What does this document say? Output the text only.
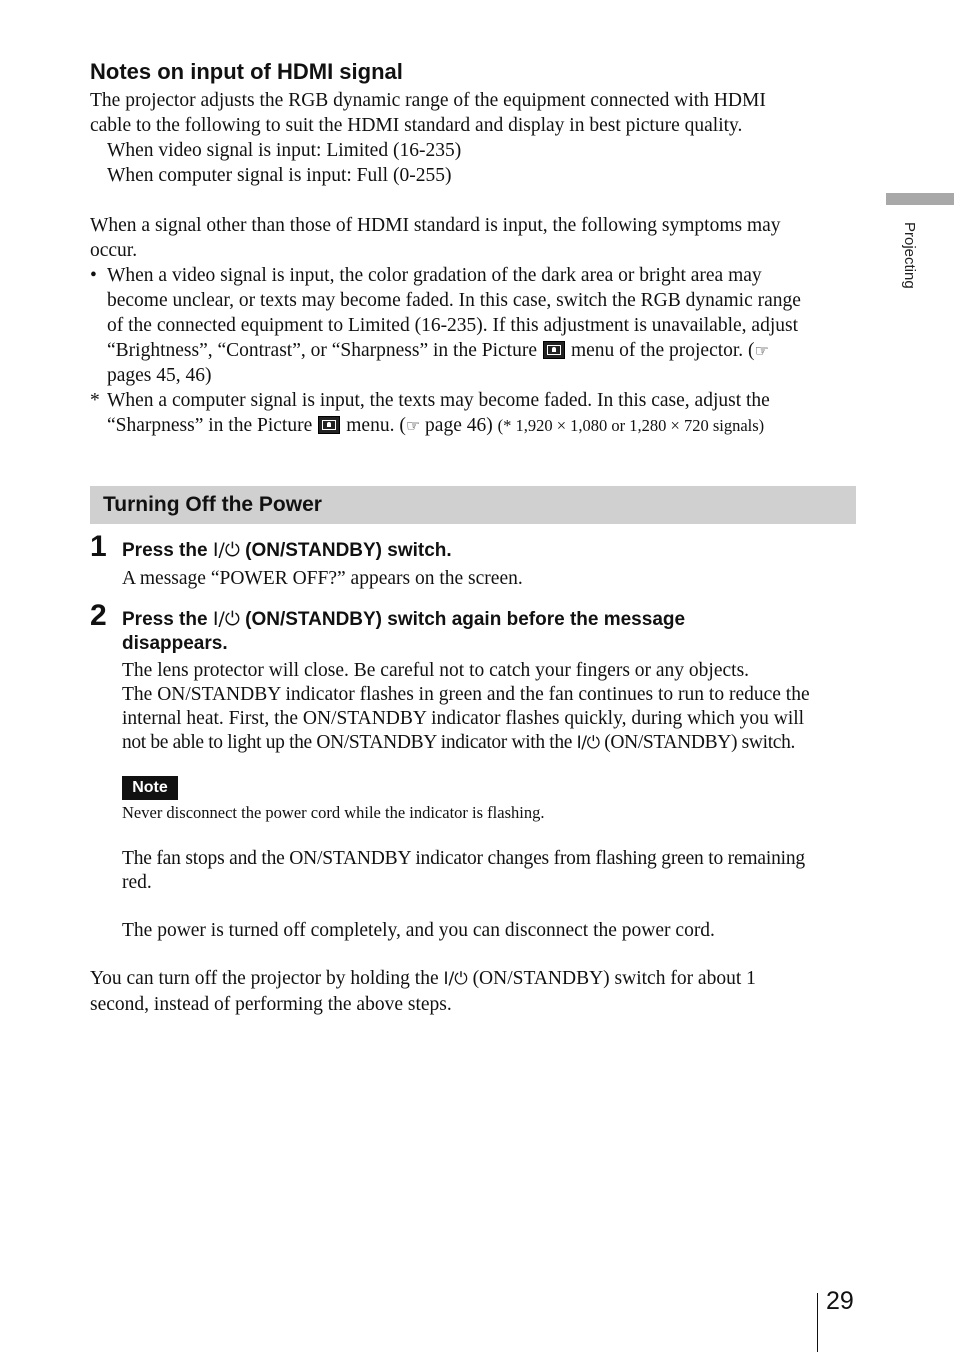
Projecting
Notes on input of HDMI signal

The projector adjusts the RGB dynamic range of the equipment connected with HDMI

cable to the following to suit the HDMI standard and display in best picture quality.

When video signal is input: Limited (16-235)

When computer signal is input: Full (0-255)

When a signal other than those of HDMI standard is input, the following symptoms may

occur.

• When a video signal is input, the color gradation of the dark area or bright area may

become unclear, or texts may become faded. In this case, switch the RGB dynamic range

of the connected equipment to Limited (16-235). If this adjustment is unavailable, adjust

“Brightness”, “Contrast”, or “Sharpness” in the Picture menu of the projector. (☞

pages 45, 46)

* When a computer signal is input, the texts may become faded. In this case, adjust the

“Sharpness” in the Picture menu. (☞ page 46) (* 1,920 × 1,080 or 1,280 × 720 signals)

Turning Off the Power
1 Press the I/⏻ (ON/STANDBY) switch.
A message “POWER OFF?” appears on the screen.
2 Press the I/⏻ (ON/STANDBY) switch again before the message

disappears.

The lens protector will close. Be careful not to catch your fingers or any objects.

The ON/STANDBY indicator flashes in green and the fan continues to run to reduce the

internal heat. First, the ON/STANDBY indicator flashes quickly, during which you will

not be able to light up the ON/STANDBY indicator with the I/⏻ (ON/STANDBY) switch.

Note
Never disconnect the power cord while the indicator is flashing.

The fan stops and the ON/STANDBY indicator changes from flashing green to remaining

red.

The power is turned off completely, and you can disconnect the power cord.

You can turn off the projector by holding the I/⏻ (ON/STANDBY) switch for about 1

second, instead of performing the above steps.

29
